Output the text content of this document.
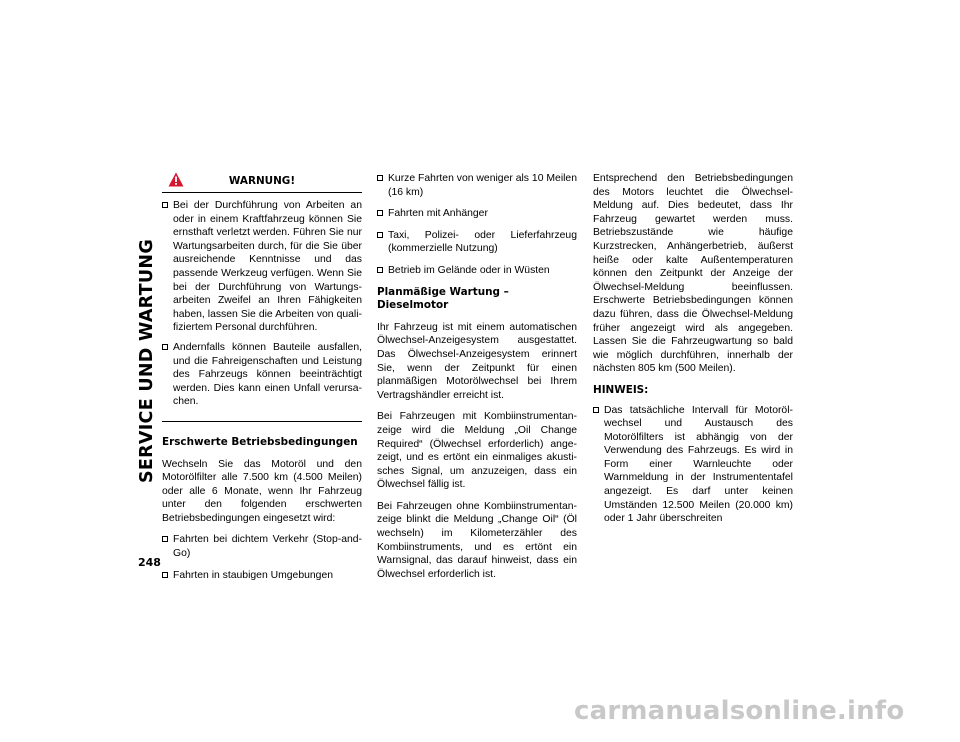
SERVICE UND WARTUNG
248
WARNUNG!
Bei der Durchführung von Arbeiten an oder in einem Kraftfahrzeug können Sie ernsthaft verletzt werden. Führen Sie nur Wartungsarbeiten durch, für die Sie über ausreichende Kenntnisse und das passende Werkzeug verfügen. Wenn Sie bei der Durchführung von Wartungsarbeiten Zweifel an Ihren Fähigkeiten haben, lassen Sie die Arbeiten von qualifiziertem Personal durchführen.
Andernfalls können Bauteile ausfallen, und die Fahreigenschaften und Leistung des Fahrzeugs können beeinträchtigt werden. Dies kann einen Unfall verursachen.
Erschwerte Betriebsbedingungen

Wechseln Sie das Motoröl und den Motorölfilter alle 7.500 km (4.500 Meilen) oder alle 6 Monate, wenn Ihr Fahrzeug unter den folgenden erschwerten Betriebsbedingungen eingesetzt wird:

Fahrten bei dichtem Verkehr (Stop-and-Go)
Fahrten in staubigen Umgebungen
Kurze Fahrten von weniger als 10 Meilen (16 km)
Fahrten mit Anhänger
Taxi, Polizei- oder Lieferfahrzeug (kommerzielle Nutzung)
Betrieb im Gelände oder in Wüsten
Planmäßige Wartung – Dieselmotor

Ihr Fahrzeug ist mit einem automatischen Ölwechsel-Anzeigesystem ausgestattet. Das Ölwechsel-Anzeigesystem erinnert Sie, wenn der Zeitpunkt für einen planmäßigen Motorölwechsel bei Ihrem Vertragshändler erreicht ist.

Bei Fahrzeugen mit Kombiinstrumentanzeige wird die Meldung „Oil Change Required“ (Ölwechsel erforderlich) angezeigt, und es ertönt ein einmaliges akustisches Signal, um anzuzeigen, dass ein Ölwechsel fällig ist.

Bei Fahrzeugen ohne Kombiinstrumentanzeige blinkt die Meldung „Change Oil“ (Öl wechseln) im Kilometerzähler des Kombiinstruments, und es ertönt ein Warnsignal, das darauf hinweist, dass ein Ölwechsel erforderlich ist.

Entsprechend den Betriebsbedingungen des Motors leuchtet die Ölwechsel-Meldung auf. Dies bedeutet, dass Ihr Fahrzeug gewartet werden muss. Betriebszustände wie häufige Kurzstrecken, Anhängerbetrieb, äußerst heiße oder kalte Außentemperaturen können den Zeitpunkt der Anzeige der Ölwechsel-Meldung beeinflussen. Erschwerte Betriebsbedingungen können dazu führen, dass die Ölwechsel-Meldung früher angezeigt wird als angegeben. Lassen Sie die Fahrzeugwartung so bald wie möglich durchführen, innerhalb der nächsten 805 km (500 Meilen).

HINWEIS:
Das tatsächliche Intervall für Motorölwechsel und Austausch des Motorölfilters ist abhängig von der Verwendung des Fahrzeugs. Es wird in Form einer Warnleuchte oder Warnmeldung in der Instrumententafel angezeigt. Es darf unter keinen Umständen 12.500 Meilen (20.000 km) oder 1 Jahr überschreiten
carmanualsonline.info
